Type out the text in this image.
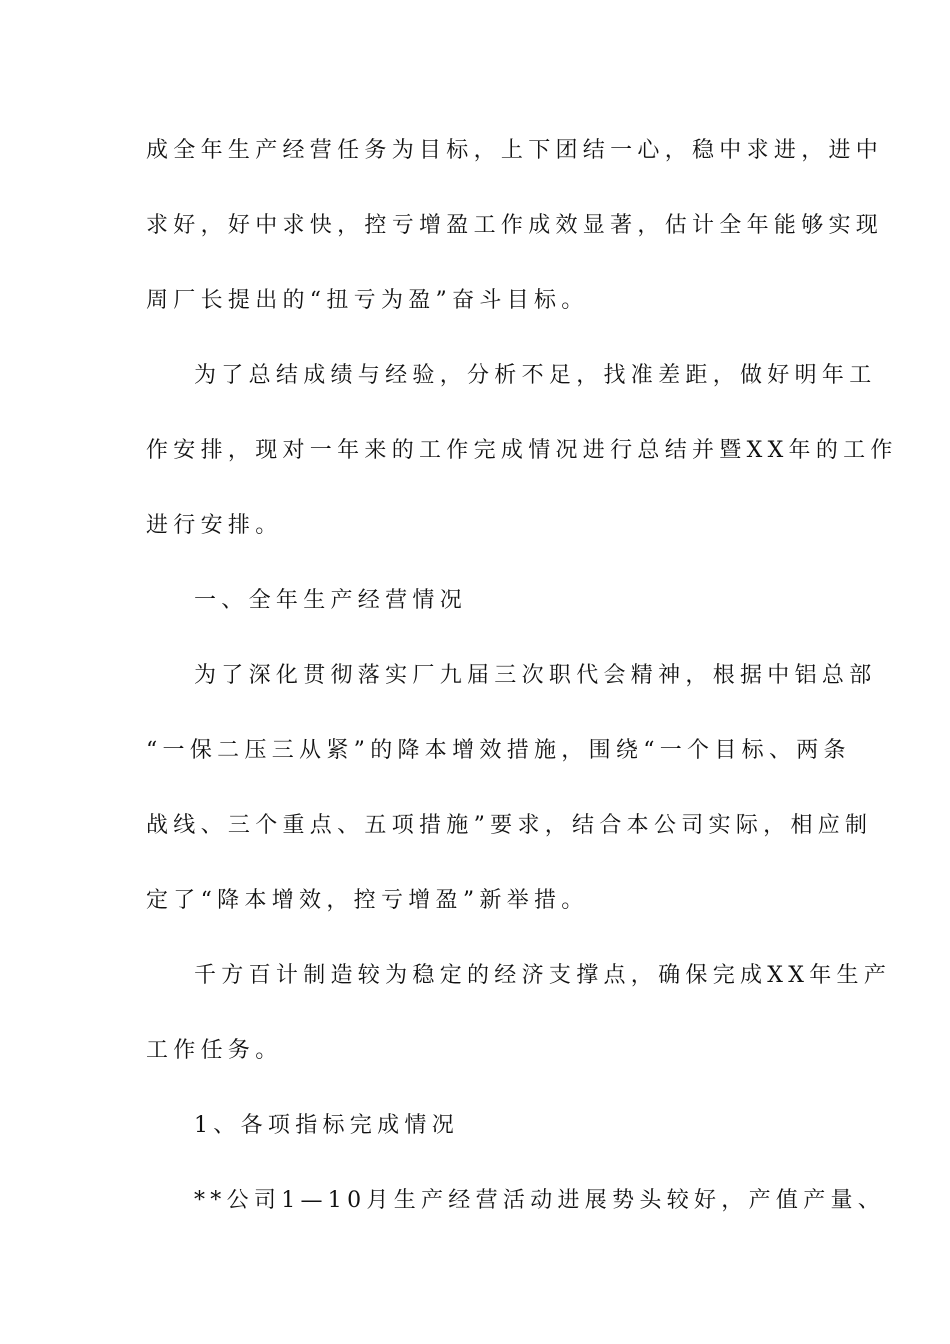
成全年生产经营任务为目标，上下团结一心，稳中求进，进中
求好，好中求快，控亏增盈工作成效显著，估计全年能够实现
周厂长提出的“扭亏为盈”奋斗目标。
为了总结成绩与经验，分析不足，找准差距，做好明年工
作安排，现对一年来的工作完成情况进行总结并暨XX年的工作
进行安排。
一、全年生产经营情况
为了深化贯彻落实厂九届三次职代会精神，根据中铝总部
“一保二压三从紧”的降本增效措施，围绕“一个目标、两条
战线、三个重点、五项措施”要求，结合本公司实际，相应制
定了“降本增效，控亏增盈”新举措。
千方百计制造较为稳定的经济支撑点，确保完成XX年生产
工作任务。
1、各项指标完成情况
**公司1—10月生产经营活动进展势头较好，产值产量、
